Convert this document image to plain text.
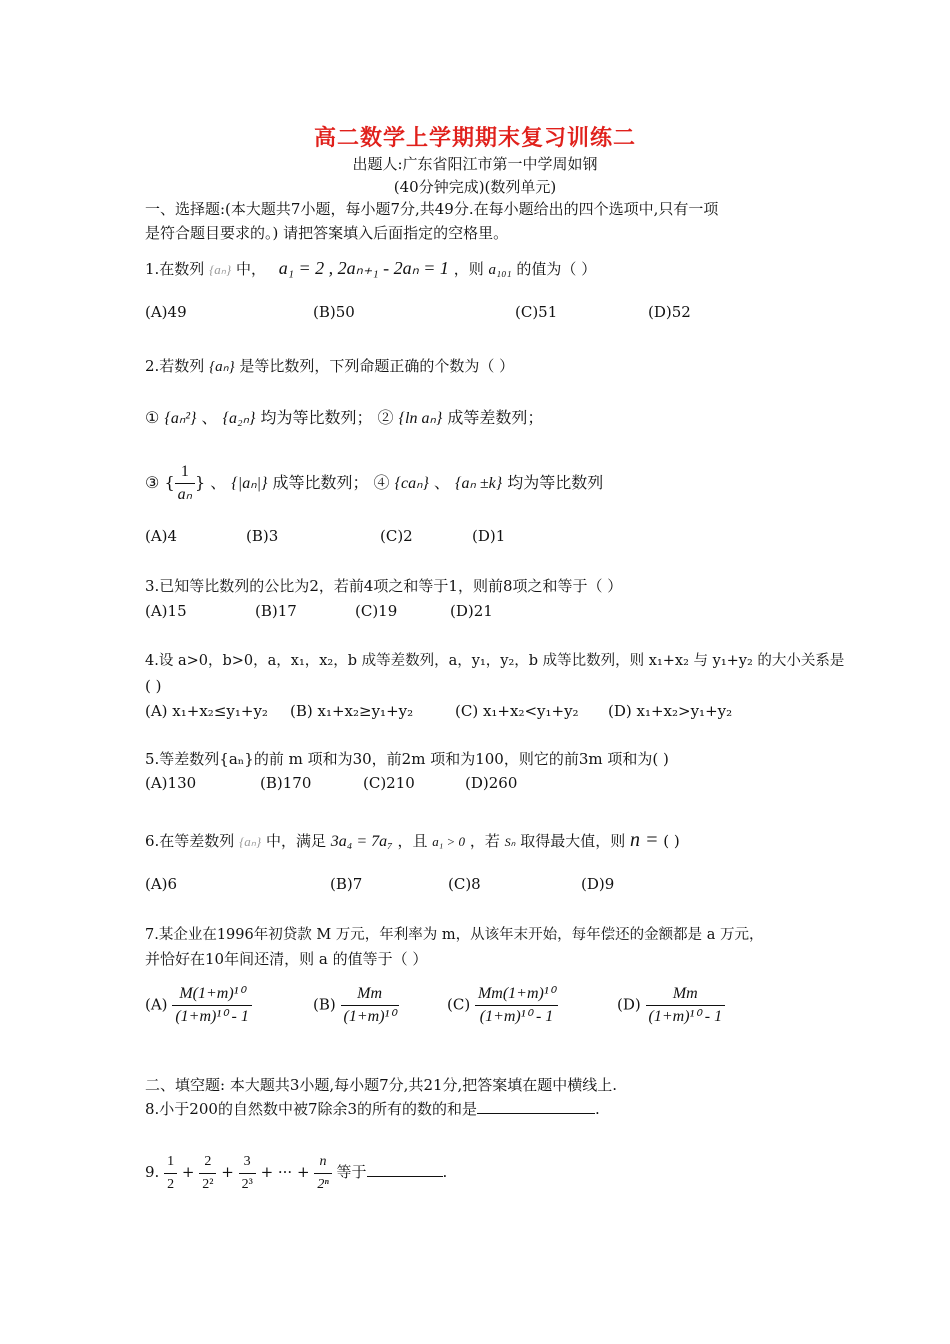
高二数学上学期期末复习训练二
出题人:广东省阳江市第一中学周如钢
(40分钟完成)(数列单元)
一、选择题:(本大题共7小题，每小题7分,共49分.在每小题给出的四个选项中,只有一项
是符合题目要求的。) 请把答案填入后面指定的空格里。
1.在数列 {aₙ} 中， a₁ = 2 , 2aₙ₊₁ - 2aₙ = 1 ，则 a₁₀₁ 的值为（ ）
(A)49	(B)50	(C)51	(D)52
2.若数列 {aₙ} 是等比数列，下列命题正确的个数为（ ）
① {aₙ²} 、 {a₂ₙ} 均为等比数列； ② {ln aₙ} 成等差数列；
③ { $\frac{1}{\text{aₙ}}$ } 、 {|aₙ|} 成等比数列； ④ {caₙ} 、 {aₙ ±k} 均为等比数列
(A)4	(B)3	(C)2	(D)1
3.已知等比数列的公比为2，若前4项之和等于1，则前8项之和等于（ ）
(A)15	(B)17	(C)19	(D)21
4.设 a>0，b>0，a，x₁，x₂，b 成等差数列，a，y₁，y₂，b 成等比数列，则 x₁+x₂ 与 y₁+y₂ 的大小关系是
( )
(A) x₁+x₂≤y₁+y₂ (B) x₁+x₂≥y₁+y₂	(C) x₁+x₂<y₁+y₂ (D) x₁+x₂>y₁+y₂
5.等差数列{aₙ}的前 m 项和为30，前2m 项和为100，则它的前3m 项和为( )
(A)130	(B)170	(C)210	(D)260
6.在等差数列 {aₙ} 中，满足 3a₄ = 7a₇ ，且 a₁ > 0 ，若 Sₙ 取得最大值，则 n = ( )
(A)6	(B)7	(C)8	(D)9
7.某企业在1996年初贷款 M 万元，年利率为 m，从该年末开始，每年偿还的金额都是 a 万元，
并恰好在10年间还清，则 a 的值等于（ ）
$(A) \frac{\text{M(1+m)¹⁰}}{\text{(1+m)¹⁰ - 1}}$	$(B) \frac{Mm}{\text{(1+m)¹⁰}}$	$(C) \frac{\text{Mm(1+m)¹⁰}}{\text{(1+m)¹⁰ - 1}}$	$(D) \frac{Mm}{\text{(1+m)¹⁰ - 1}}$
二、填空题: 本大题共3小题,每小题7分,共21分,把答案填在题中横线上.
8.小于200的自然数中被7除余3的所有的数的和是	.
9. $\frac{1}{2} + \frac{2}{\text{2²}} + \frac{3}{\text{2³}}$ + ··· + $\frac{n}{\text{2ⁿ}}$ 等于	.
